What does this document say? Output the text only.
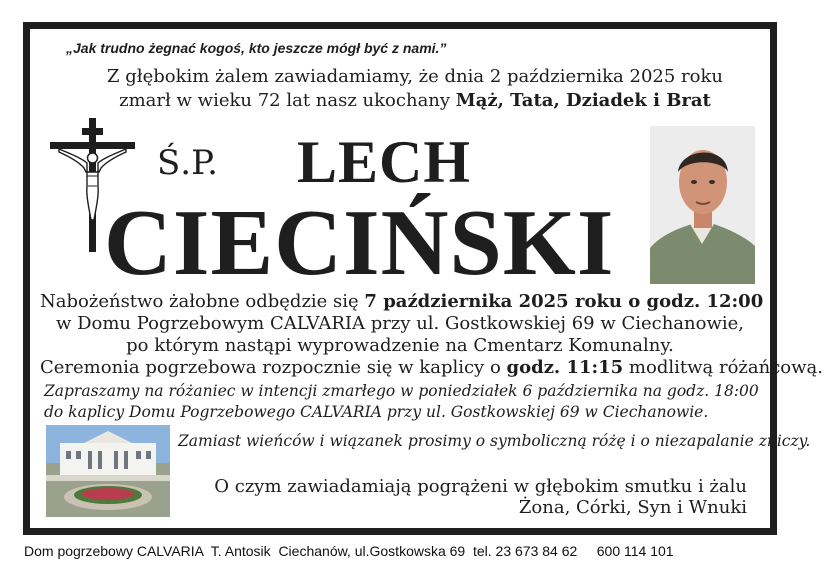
„Jak trudno żegnać kogoś, kto jeszcze mógł być z nami.”
Z głębokim żalem zawiadamiamy, że dnia 2 października 2025 roku
zmarł w wieku 72 lat nasz ukochany Mąż, Tata, Dziadek i Brat
Ś.P. LECH
CIECIŃSKI
Nabożeństwo żałobne odbędzie się 7 października 2025 roku o godz. 12:00
w Domu Pogrzebowym CALVARIA przy ul. Gostkowskiej 69 w Ciechanowie,
po którym nastąpi wyprowadzenie na Cmentarz Komunalny.
Ceremonia pogrzebowa rozpocznie się w kaplicy o godz. 11:15 modlitwą różańcową.
Zapraszamy na różaniec w intencji zmarłego w poniedziałek 6 października na godz. 18:00
do kaplicy Domu Pogrzebowego CALVARIA przy ul. Gostkowskiej 69 w Ciechanowie.
Zamiast wieńców i wiązanek prosimy o symboliczną różę i o niezapalanie zniczy.
O czym zawiadamiają pogrążeni w głębokim smutku i żalu
Żona, Córki, Syn i Wnuki
Dom pogrzebowy CALVARIA  T. Antosik  Ciechanów, ul.Gostkowska 69  tel. 23 673 84 62     600 114 101
